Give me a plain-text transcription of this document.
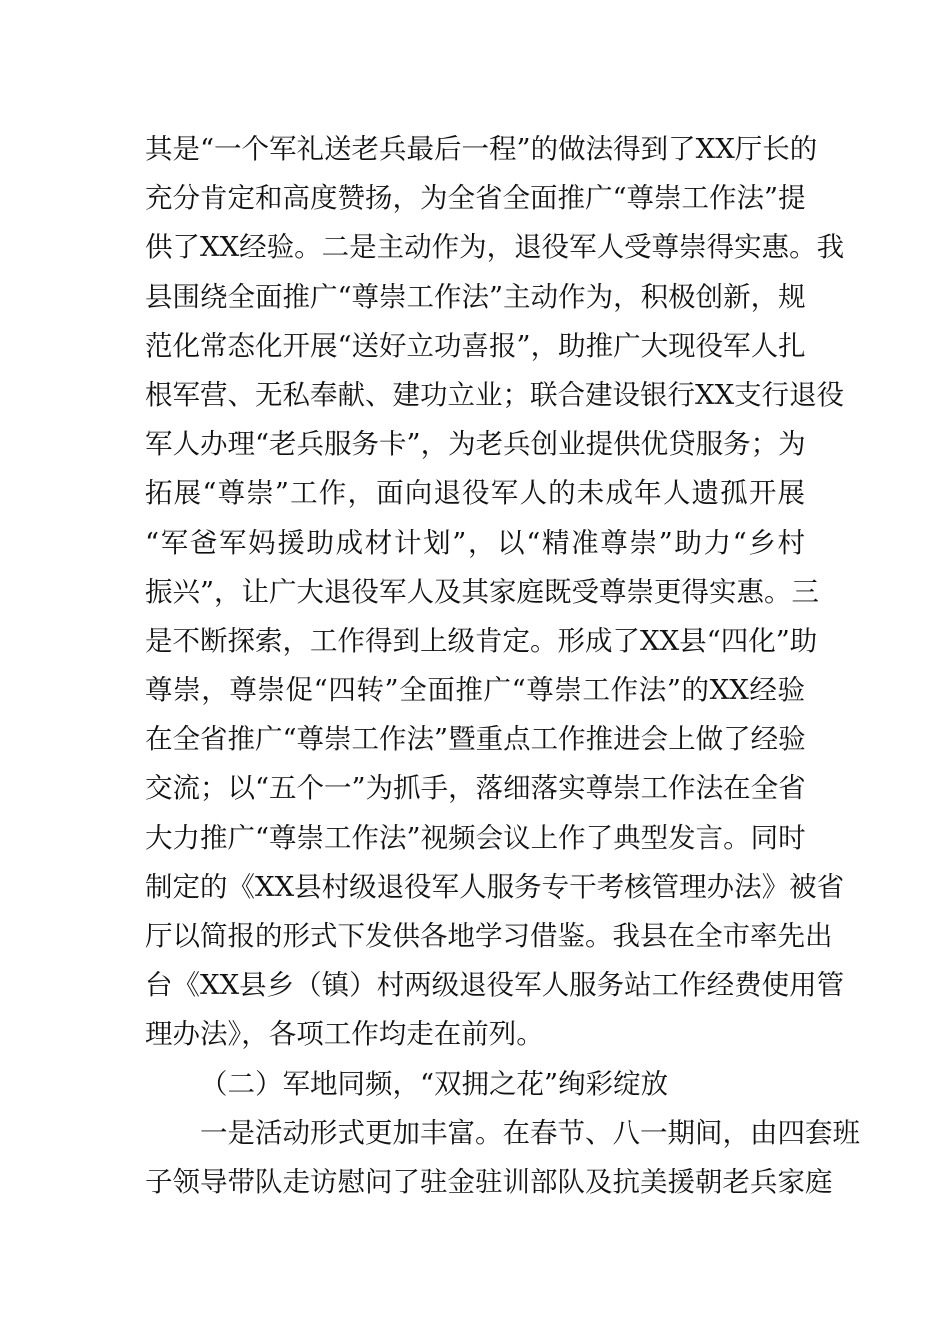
其是“一个军礼送老兵最后一程”的做法得到了XX厅长的
充分肯定和高度赞扬，为全省全面推广“尊崇工作法”提
供了XX经验。二是主动作为，退役军人受尊崇得实惠。我
县围绕全面推广“尊崇工作法”主动作为，积极创新，规
范化常态化开展“送好立功喜报”，助推广大现役军人扎
根军营、无私奉献、建功立业；联合建设银行XX支行退役
军人办理“老兵服务卡”，为老兵创业提供优贷服务；为
拓展“尊崇”工作，面向退役军人的未成年人遗孤开展
“军爸军妈援助成材计划”，以“精准尊崇”助力“乡村
振兴”，让广大退役军人及其家庭既受尊崇更得实惠。三
是不断探索，工作得到上级肯定。形成了XX县“四化”助
尊崇，尊崇促“四转”全面推广“尊崇工作法”的XX经验
在全省推广“尊崇工作法”暨重点工作推进会上做了经验
交流；以“五个一”为抓手，落细落实尊崇工作法在全省
大力推广“尊崇工作法”视频会议上作了典型发言。同时
制定的《XX县村级退役军人服务专干考核管理办法》被省
厅以简报的形式下发供各地学习借鉴。我县在全市率先出
台《XX县乡（镇）村两级退役军人服务站工作经费使用管
理办法》，各项工作均走在前列。
（二）军地同频，“双拥之花”绚彩绽放
一是活动形式更加丰富。在春节、八一期间，由四套班
子领导带队走访慰问了驻金驻训部队及抗美援朝老兵家庭
